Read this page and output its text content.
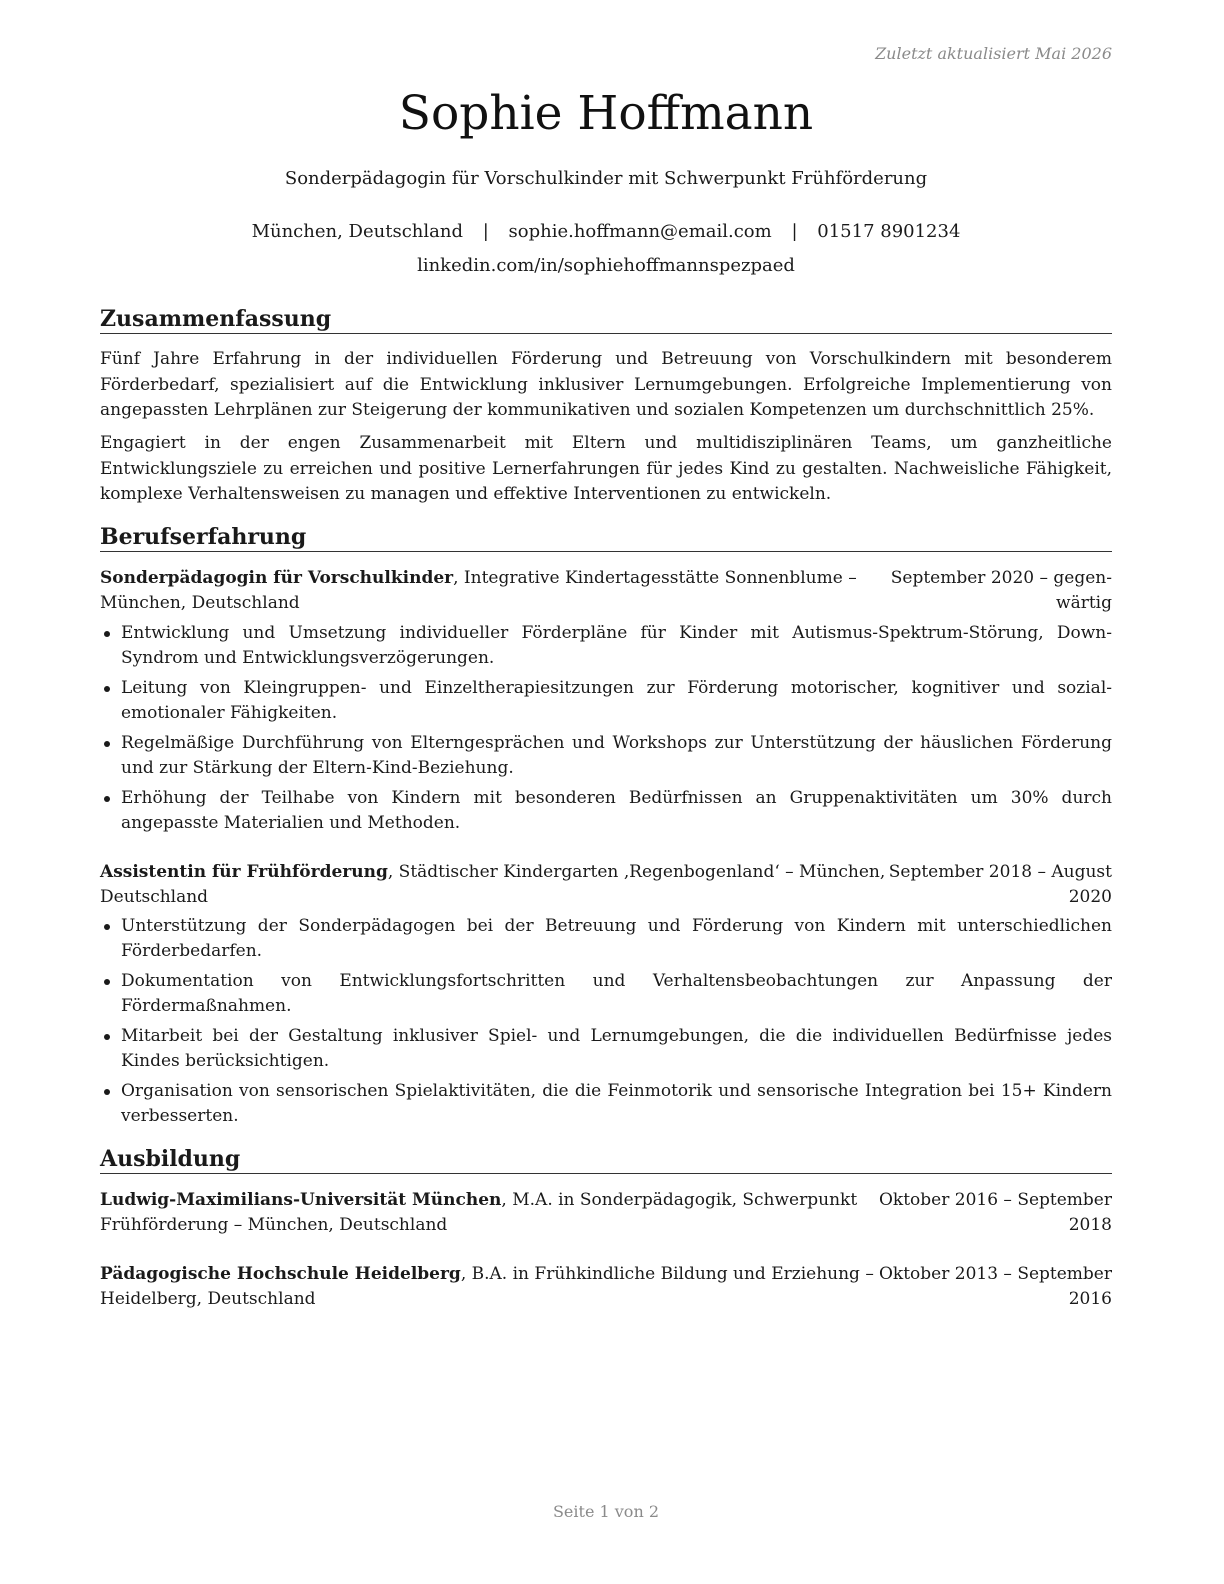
Zuletzt aktualisiert Mai 2026
Sophie Hoffmann
Sonderpädagogin für Vorschulkinder mit Schwerpunkt Frühförderung
München, Deutschland | sophie.hoffmann@email.com | 01517 8901234
linkedin.com/in/sophiehoffmannspezpaed
Zusammenfassung

Fünf Jahre Erfahrung in der individuellen Förderung und Betreuung von Vorschulkindern mit besonderem Förderbedarf, spezialisiert auf die Entwicklung inklusiver Lernumgebungen. Erfolgreiche Implementierung von angepassten Lehrplänen zur Steigerung der kommunikativen und sozialen Kompetenzen um durchschnittlich 25%.

Engagiert in der engen Zusammenarbeit mit Eltern und multidisziplinären Teams, um ganzheitliche Entwicklungsziele zu erreichen und positive Lernerfahrungen für jedes Kind zu gestalten. Nachweisliche Fähigkeit, komplexe Verhaltensweisen zu managen und effektive Interventionen zu entwickeln.

Berufserfahrung
Sonderpädagogin für Vorschulkinder, Integrative Kindertagesstätte Sonnenblume – September 2020 – gegen-
München, Deutschland	wärtig
Entwicklung und Umsetzung individueller Förderpläne für Kinder mit Autismus-Spektrum-Störung, Down-Syndrom und Entwicklungsverzögerungen.
Leitung von Kleingruppen- und Einzeltherapiesitzungen zur Förderung motorischer, kognitiver und sozial-emotionaler Fähigkeiten.
Regelmäßige Durchführung von Elterngesprächen und Workshops zur Unterstützung der häuslichen Förderung und zur Stärkung der Eltern-Kind-Beziehung.
Erhöhung der Teilhabe von Kindern mit besonderen Bedürfnissen an Gruppenaktivitäten um 30% durch angepasste Materialien und Methoden.
Assistentin für Frühförderung, Städtischer Kindergarten ‚Regenbogenland‘ – München, September 2018 – August
Deutschland	2020
Unterstützung der Sonderpädagogen bei der Betreuung und Förderung von Kindern mit unterschiedlichen Förderbedarfen.
Dokumentation von Entwicklungsfortschritten und Verhaltensbeobachtungen zur Anpassung der Fördermaßnahmen.
Mitarbeit bei der Gestaltung inklusiver Spiel- und Lernumgebungen, die die individuellen Bedürfnisse jedes Kindes berücksichtigen.
Organisation von sensorischen Spielaktivitäten, die die Feinmotorik und sensorische Integration bei 15+ Kindern verbesserten.
Ausbildung
Ludwig-Maximilians-Universität München, M.A. in Sonderpädagogik, Schwerpunkt Oktober 2016 – September
Frühförderung – München, Deutschland	2018
Pädagogische Hochschule Heidelberg, B.A. in Frühkindliche Bildung und Erziehung – Oktober 2013 – September
Heidelberg, Deutschland	2016
Seite 1 von 2
